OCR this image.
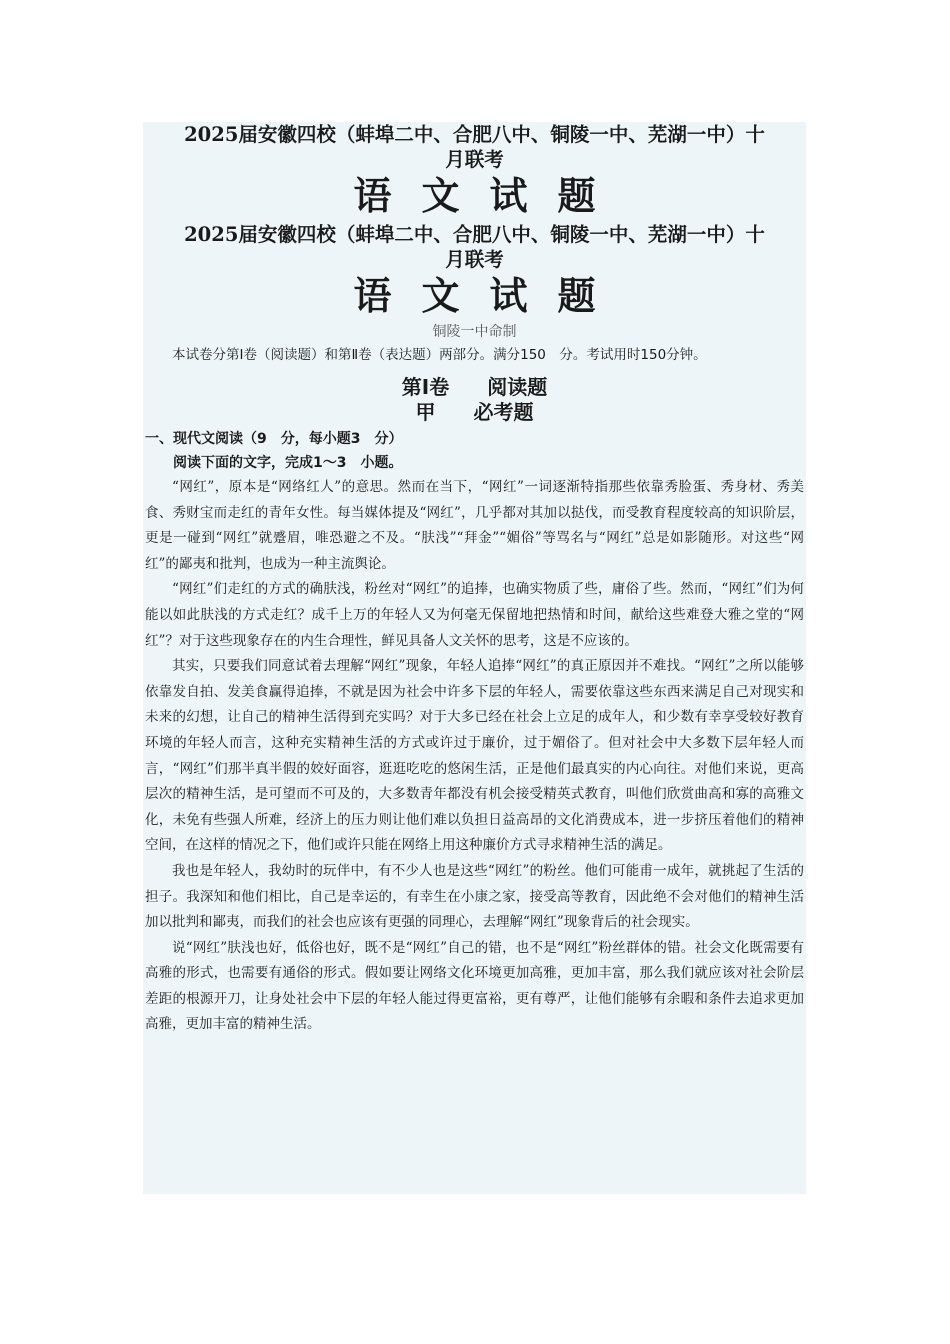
2025届安徽四校（蚌埠二中、合肥八中、铜陵一中、芜湖一中）十

月联考

语文试题

2025届安徽四校（蚌埠二中、合肥八中、铜陵一中、芜湖一中）十

月联考

语文试题

铜陵一中命制

本试卷分第Ⅰ卷（阅读题）和第Ⅱ卷（表达题）两部分。满分150　分。考试用时150分钟。

第Ⅰ卷 阅读题

甲 必考题

一、现代文阅读（9　分，每小题3　分）

阅读下面的文字，完成1～3　小题。

“网红”，原本是“网络红人”的意思。然而在当下，“网红”一词逐渐特指那些依靠秀脸蛋、秀身材、秀美食、秀财宝而走红的青年女性。每当媒体提及“网红”，几乎都对其加以挞伐，而受教育程度较高的知识阶层，更是一碰到“网红”就蹙眉，唯恐避之不及。“肤浅”“拜金”“媚俗”等骂名与“网红”总是如影随形。对这些“网红”的鄙夷和批判，也成为一种主流舆论。

“网红”们走红的方式的确肤浅，粉丝对“网红”的追捧，也确实物质了些，庸俗了些。然而，“网红”们为何能以如此肤浅的方式走红？成千上万的年轻人又为何毫无保留地把热情和时间，献给这些难登大雅之堂的“网红”？对于这些现象存在的内生合理性，鲜见具备人文关怀的思考，这是不应该的。

其实，只要我们同意试着去理解“网红”现象，年轻人追捧“网红”的真正原因并不难找。“网红”之所以能够依靠发自拍、发美食赢得追捧，不就是因为社会中许多下层的年轻人，需要依靠这些东西来满足自己对现实和未来的幻想，让自己的精神生活得到充实吗？对于大多已经在社会上立足的成年人，和少数有幸享受较好教育环境的年轻人而言，这种充实精神生活的方式或许过于廉价，过于媚俗了。但对社会中大多数下层年轻人而言，“网红”们那半真半假的姣好面容，逛逛吃吃的悠闲生活，正是他们最真实的内心向往。对他们来说，更高层次的精神生活，是可望而不可及的，大多数青年都没有机会接受精英式教育，叫他们欣赏曲高和寡的高雅文化，未免有些强人所难，经济上的压力则让他们难以负担日益高昂的文化消费成本，进一步挤压着他们的精神空间，在这样的情况之下，他们或许只能在网络上用这种廉价方式寻求精神生活的满足。

我也是年轻人，我幼时的玩伴中，有不少人也是这些“网红”的粉丝。他们可能甫一成年，就挑起了生活的担子。我深知和他们相比，自己是幸运的，有幸生在小康之家，接受高等教育，因此绝不会对他们的精神生活加以批判和鄙夷，而我们的社会也应该有更强的同理心，去理解“网红”现象背后的社会现实。

说“网红”肤浅也好，低俗也好，既不是“网红”自己的错，也不是“网红”粉丝群体的错。社会文化既需要有高雅的形式，也需要有通俗的形式。假如要让网络文化环境更加高雅，更加丰富，那么我们就应该对社会阶层差距的根源开刀，让身处社会中下层的年轻人能过得更富裕，更有尊严，让他们能够有余暇和条件去追求更加高雅，更加丰富的精神生活。
